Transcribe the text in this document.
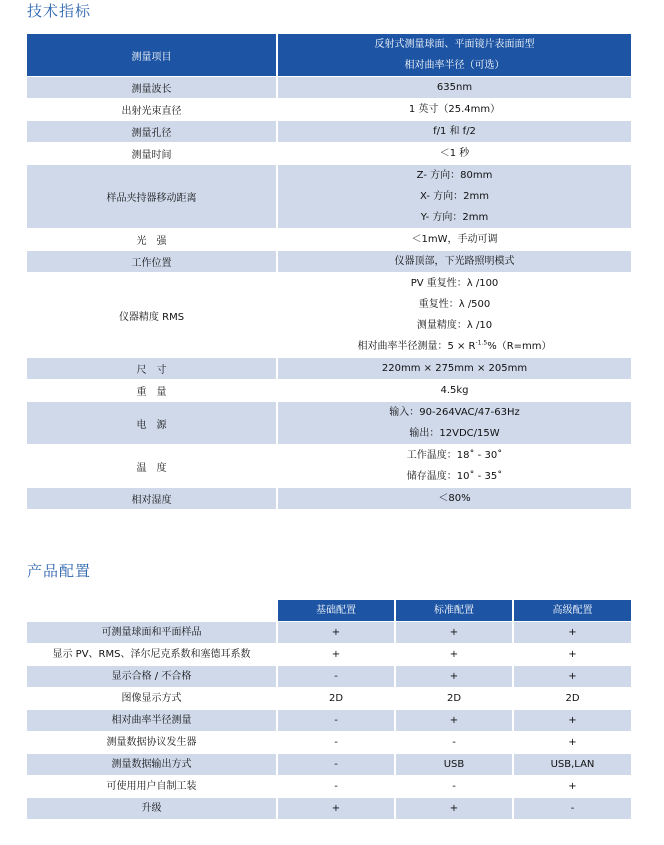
技术指标
测量项目	反射式测量球面、平面镜片表面面型
相对曲率半径（可选）

测量波长	635nm

出射光束直径	1 英寸（25.4mm）

测量孔径	f/1 和 f/2

测量时间	＜1 秒

样品夹持器移动距离	Z- 方向：80mm
X- 方向：2mm
Y- 方向：2mm

光　强	＜1mW，手动可调

工作位置	仪器顶部，下光路照明模式

仪器精度 RMS	PV 重复性：λ /100
重复性：λ /500
测量精度：λ /10
相对曲率半径测量：$5 \times R^{-1.5}\%(R=mm)$

尺　寸	220mm × 275mm × 205mm

重　量	4.5kg

电　源	输入：90-264VAC/47-63Hz
输出：12VDC/15W

温　度	工作温度：18˚ - 30˚
储存温度：10˚ - 35˚

相对湿度	＜80%
产品配置
	基础配置	标准配置	高级配置
可测量球面和平面样品	+	+	+
显示 PV、RMS、泽尔尼克系数和塞德耳系数	+	+	+
显示合格 / 不合格	-	+	+
图像显示方式	2D	2D	2D
相对曲率半径测量	-	+	+
测量数据协议发生器	-	-	+
测量数据输出方式	-	USB	USB,LAN
可使用用户自制工装	-	-	+
升级	+	+	-
